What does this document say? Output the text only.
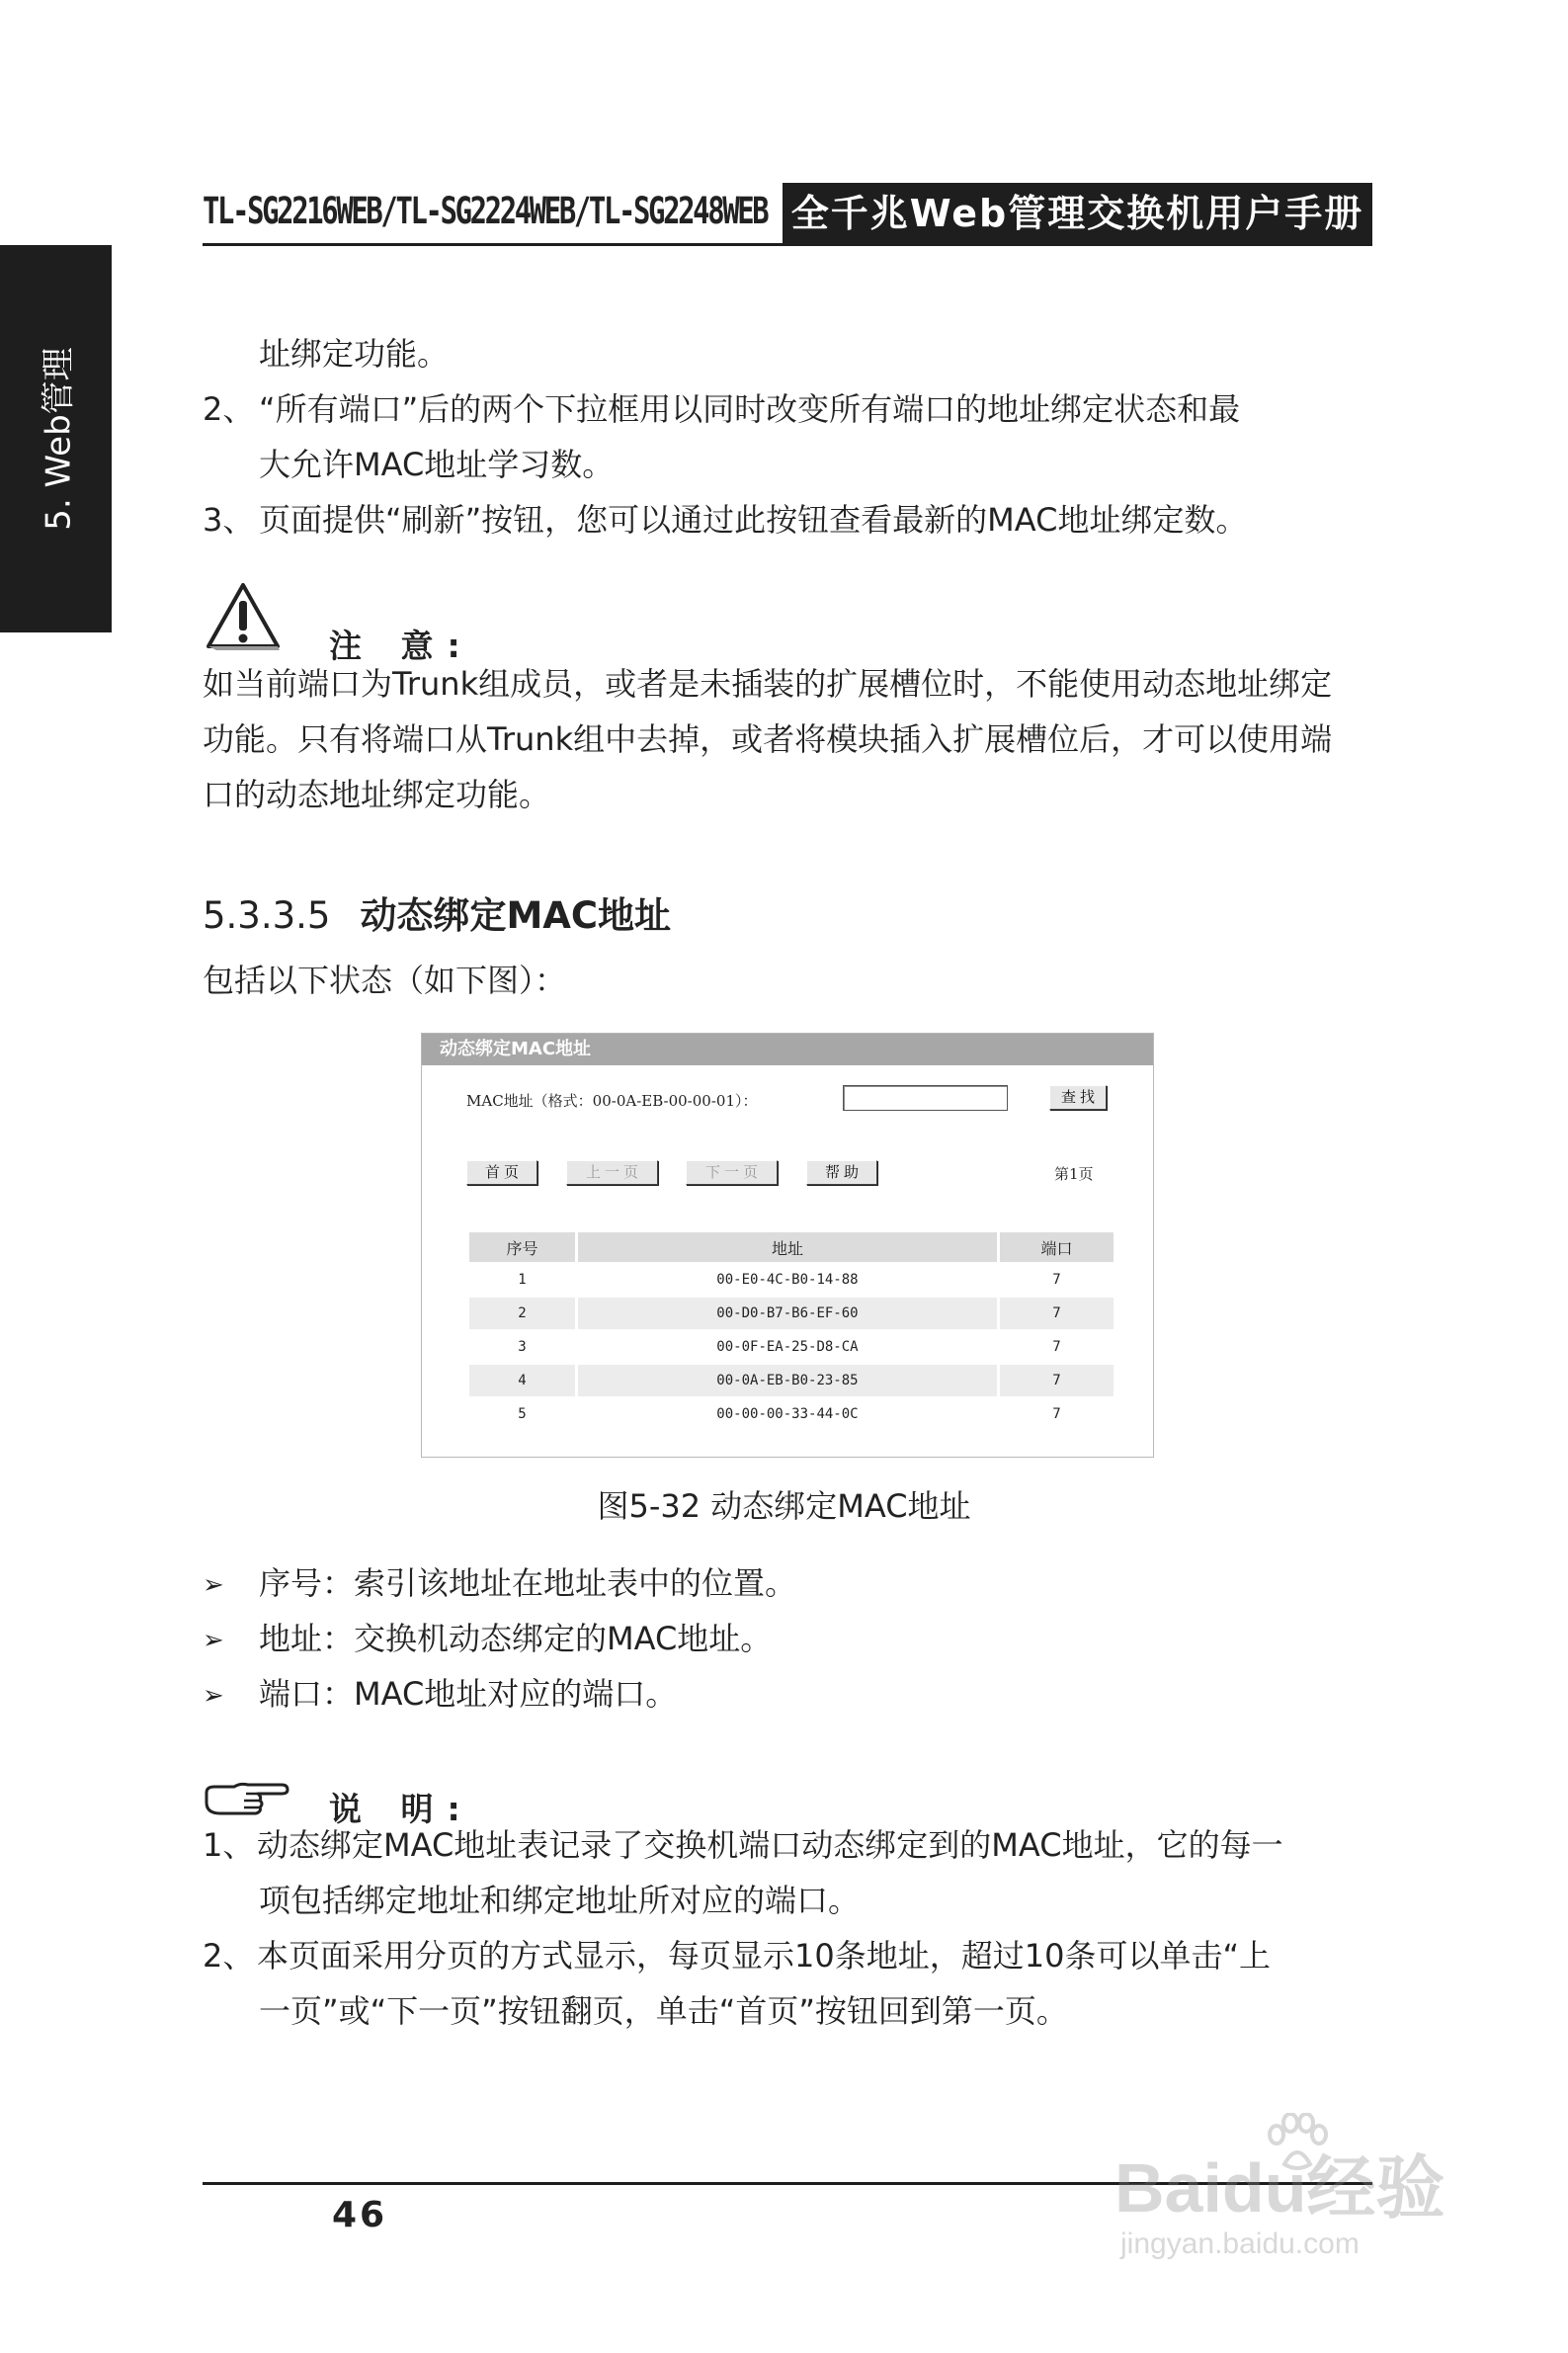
5. Web管理
TL-SG2216WEB/TL-SG2224WEB/TL-SG2248WEB 全千兆Web管理交换机用户手册
址绑定功能。
2、 “所有端口”后的两个下拉框用以同时改变所有端口的地址绑定状态和最
大允许MAC地址学习数。
3、 页面提供“刷新”按钮，您可以通过此按钮查看最新的MAC地址绑定数。
注 意:
如当前端口为Trunk组成员，或者是未插装的扩展槽位时，不能使用动态地址绑定
功能。只有将端口从Trunk组中去掉，或者将模块插入扩展槽位后，才可以使用端
口的动态地址绑定功能。
5.3.3.5 动态绑定MAC地址
包括以下状态（如下图）：
动态绑定MAC地址
MAC地址（格式：00-0A-EB-00-00-01）：	查找
首页	上一页	下一页	帮助	第1页
序号	地址	端口
1	00-E0-4C-B0-14-88	7
2	00-D0-B7-B6-EF-60	7
3	00-0F-EA-25-D8-CA	7
4	00-0A-EB-B0-23-85	7
5	00-00-00-33-44-0C	7
图5-32 动态绑定MAC地址
➢ 序号：索引该地址在地址表中的位置。
➢ 地址：交换机动态绑定的MAC地址。
➢ 端口：MAC地址对应的端口。
说 明:
1、 动态绑定MAC地址表记录了交换机端口动态绑定到的MAC地址，它的每一
项包括绑定地址和绑定地址所对应的端口。
2、 本页面采用分页的方式显示，每页显示10条地址，超过10条可以单击“上
一页”或“下一页”按钮翻页，单击“首页”按钮回到第一页。
46	Baidu经验
jingyan.baidu.com
